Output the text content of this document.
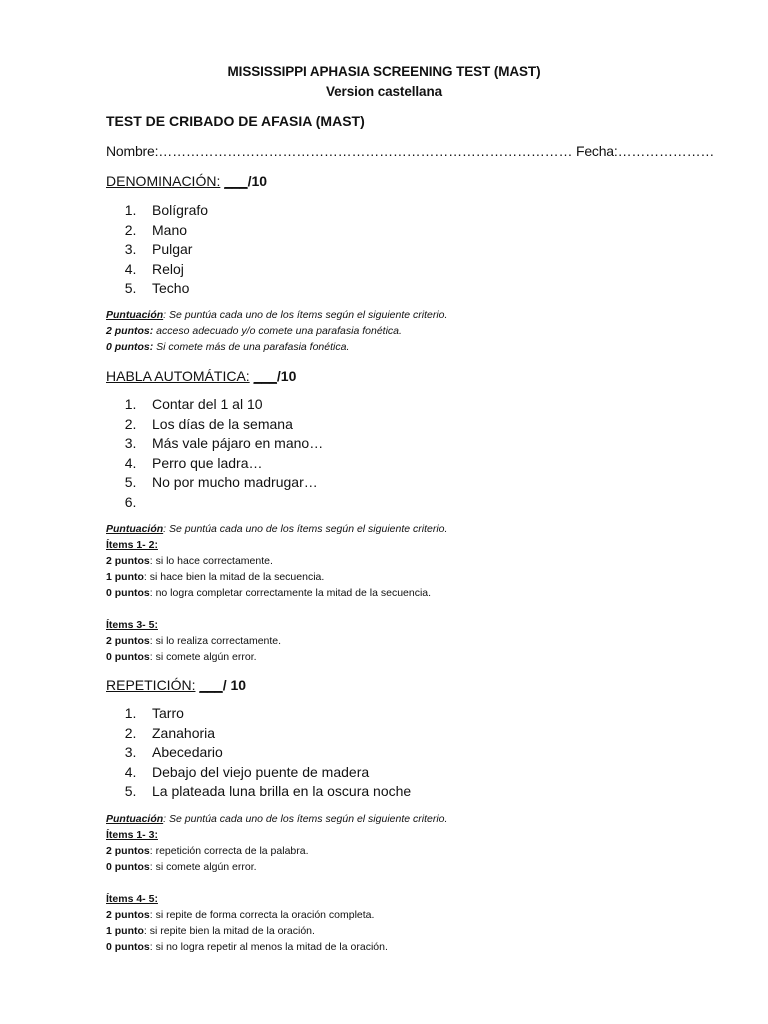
MISSISSIPPI APHASIA SCREENING TEST (MAST)
Version castellana
TEST DE CRIBADO DE AFASIA (MAST)
Nombre:……………………………………………………………………………… Fecha:…………………
DENOMINACIÓN: ___/10
1.    Bolígrafo
2.    Mano
3.    Pulgar
4.    Reloj
5.    Techo
Puntuación: Se puntúa cada uno de los ítems según el siguiente criterio.
2 puntos: acceso adecuado y/o comete una parafasia fonética.
0 puntos: Si comete más de una parafasia fonética.
HABLA AUTOMÁTICA: ___/10
1.    Contar del 1 al 10
2.    Los días de la semana
3.    Más vale pájaro en mano…
4.    Perro que ladra…
5.    No por mucho madrugar…
6.
Puntuación: Se puntúa cada uno de los ítems según el siguiente criterio.
Ítems 1- 2:
2 puntos: si lo hace correctamente.
1 punto: si hace bien la mitad de la secuencia.
0 puntos: no logra completar correctamente la mitad de la secuencia.
Ítems 3- 5:
2 puntos: si lo realiza correctamente.
0 puntos: si comete algún error.
REPETICIÓN: ___/ 10
1.    Tarro
2.    Zanahoria
3.    Abecedario
4.    Debajo del viejo puente de madera
5.    La plateada luna brilla en la oscura noche
Puntuación: Se puntúa cada uno de los ítems según el siguiente criterio.
Ítems 1- 3:
2 puntos: repetición correcta de la palabra.
0 puntos: si comete algún error.
Ítems 4- 5:
2 puntos: si repite de forma correcta la oración completa.
1 punto: si repite bien la mitad de la oración.
0 puntos: si no logra repetir al menos la mitad de la oración.
